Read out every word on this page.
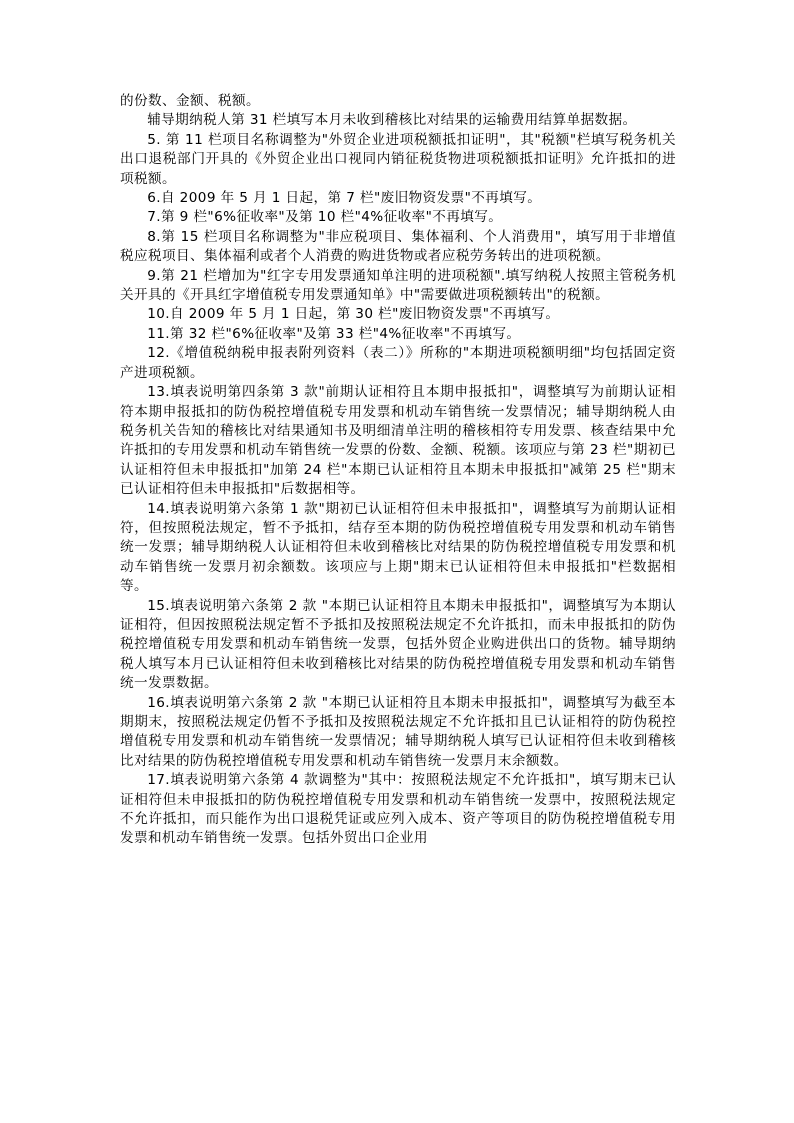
的份数、金额、税额。

辅导期纳税人第 31 栏填写本月未收到稽核比对结果的运输费用结算单据数据。

5. 第 11 栏项目名称调整为"外贸企业进项税额抵扣证明"，其"税额"栏填写税务机关出口退税部门开具的《外贸企业出口视同内销征税货物进项税额抵扣证明》允许抵扣的进项税额。

6.自 2009 年 5 月 1 日起，第 7 栏"废旧物资发票"不再填写。

7.第 9 栏"6%征收率"及第 10 栏"4%征收率"不再填写。

8.第 15 栏项目名称调整为"非应税项目、集体福利、个人消费用"，填写用于非增值税应税项目、集体福利或者个人消费的购进货物或者应税劳务转出的进项税额。

9.第 21 栏增加为"红字专用发票通知单注明的进项税额".填写纳税人按照主管税务机关开具的《开具红字增值税专用发票通知单》中"需要做进项税额转出"的税额。

10.自 2009 年 5 月 1 日起，第 30 栏"废旧物资发票"不再填写。

11.第 32 栏"6%征收率"及第 33 栏"4%征收率"不再填写。

12.《增值税纳税申报表附列资料（表二）》所称的"本期进项税额明细"均包括固定资产进项税额。

13.填表说明第四条第 3 款"前期认证相符且本期申报抵扣"，调整填写为前期认证相符本期申报抵扣的防伪税控增值税专用发票和机动车销售统一发票情况；辅导期纳税人由税务机关告知的稽核比对结果通知书及明细清单注明的稽核相符专用发票、核查结果中允许抵扣的专用发票和机动车销售统一发票的份数、金额、税额。该项应与第 23 栏"期初已认证相符但未申报抵扣"加第 24 栏"本期已认证相符且本期未申报抵扣"减第 25 栏"期末已认证相符但未申报抵扣"后数据相等。

14.填表说明第六条第 1 款"期初已认证相符但未申报抵扣"，调整填写为前期认证相符，但按照税法规定，暂不予抵扣，结存至本期的防伪税控增值税专用发票和机动车销售统一发票；辅导期纳税人认证相符但未收到稽核比对结果的防伪税控增值税专用发票和机动车销售统一发票月初余额数。该项应与上期"期末已认证相符但未申报抵扣"栏数据相等。

15.填表说明第六条第 2 款 "本期已认证相符且本期未申报抵扣"，调整填写为本期认证相符，但因按照税法规定暂不予抵扣及按照税法规定不允许抵扣，而未申报抵扣的防伪税控增值税专用发票和机动车销售统一发票，包括外贸企业购进供出口的货物。辅导期纳税人填写本月已认证相符但未收到稽核比对结果的防伪税控增值税专用发票和机动车销售统一发票数据。

16.填表说明第六条第 2 款 "本期已认证相符且本期未申报抵扣"，调整填写为截至本期期末，按照税法规定仍暂不予抵扣及按照税法规定不允许抵扣且已认证相符的防伪税控增值税专用发票和机动车销售统一发票情况；辅导期纳税人填写已认证相符但未收到稽核比对结果的防伪税控增值税专用发票和机动车销售统一发票月末余额数。

17.填表说明第六条第 4 款调整为"其中：按照税法规定不允许抵扣"，填写期末已认证相符但未申报抵扣的防伪税控增值税专用发票和机动车销售统一发票中，按照税法规定不允许抵扣，而只能作为出口退税凭证或应列入成本、资产等项目的防伪税控增值税专用发票和机动车销售统一发票。包括外贸出口企业用
